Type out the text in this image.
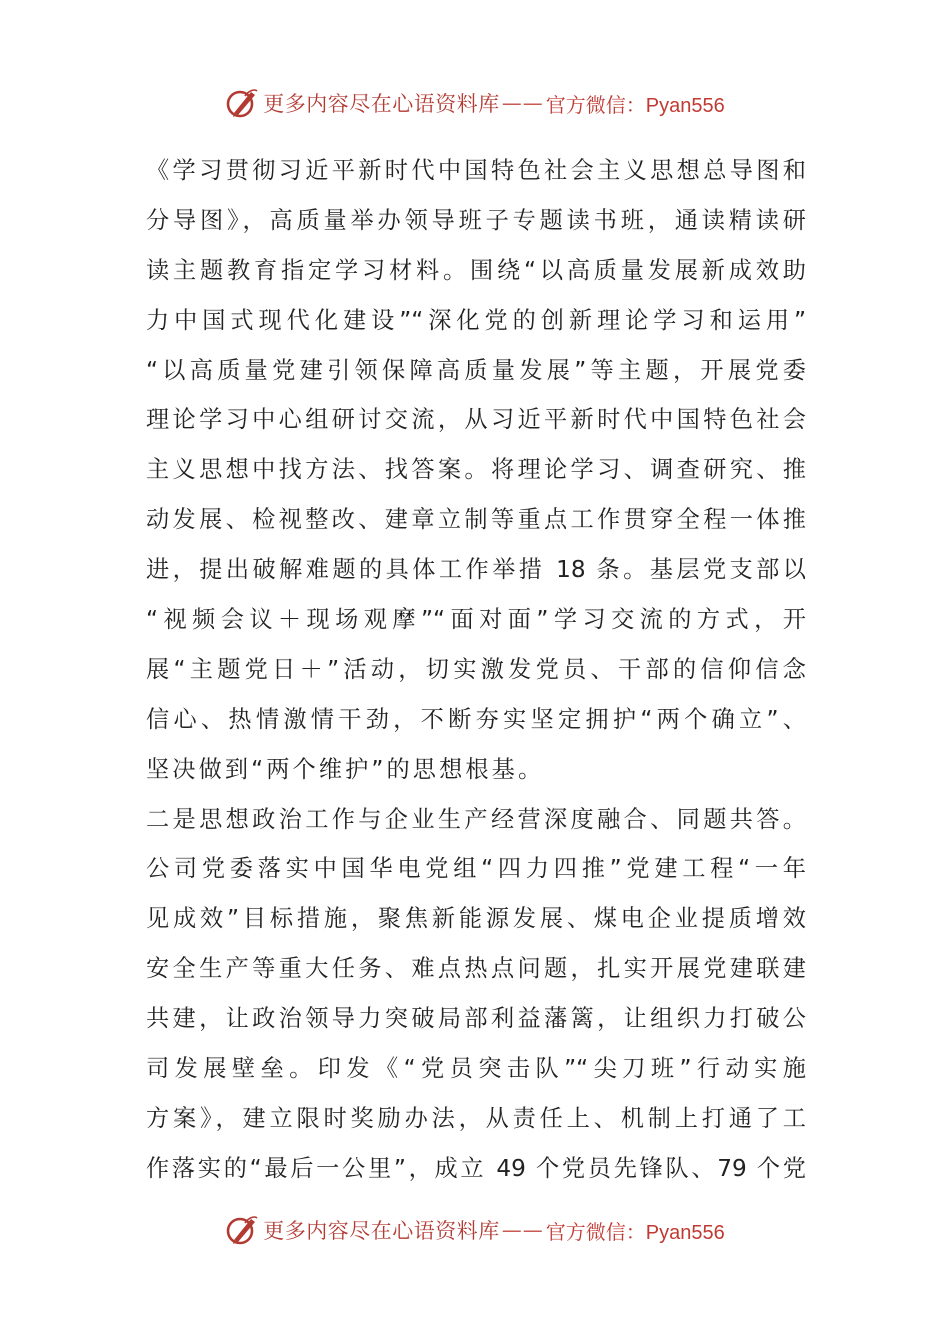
更多内容尽在心语资料库 —— 官方微信：Pyan556
《学习贯彻习近平新时代中国特色社会主义思想总导图和
分导图》，高质量举办领导班子专题读书班，通读精读研
读主题教育指定学习材料。围绕“以高质量发展新成效助
力中国式现代化建设”“深化党的创新理论学习和运用”
“以高质量党建引领保障高质量发展”等主题，开展党委
理论学习中心组研讨交流，从习近平新时代中国特色社会
主义思想中找方法、找答案。将理论学习、调查研究、推
动发展、检视整改、建章立制等重点工作贯穿全程一体推
进，提出破解难题的具体工作举措 18 条。基层党支部以
“视频会议＋现场观摩”“面对面”学习交流的方式，开
展“主题党日＋”活动，切实激发党员、干部的信仰信念
信心、热情激情干劲，不断夯实坚定拥护“两个确立”、
坚决做到“两个维护”的思想根基。
二是思想政治工作与企业生产经营深度融合、同题共答。
公司党委落实中国华电党组“四力四推”党建工程“一年
见成效”目标措施，聚焦新能源发展、煤电企业提质增效
安全生产等重大任务、难点热点问题，扎实开展党建联建
共建，让政治领导力突破局部利益藩篱，让组织力打破公
司发展壁垒。印发《“党员突击队”“尖刀班”行动实施
方案》，建立限时奖励办法，从责任上、机制上打通了工
作落实的“最后一公里”，成立 49 个党员先锋队、79 个党
更多内容尽在心语资料库 —— 官方微信：Pyan556
